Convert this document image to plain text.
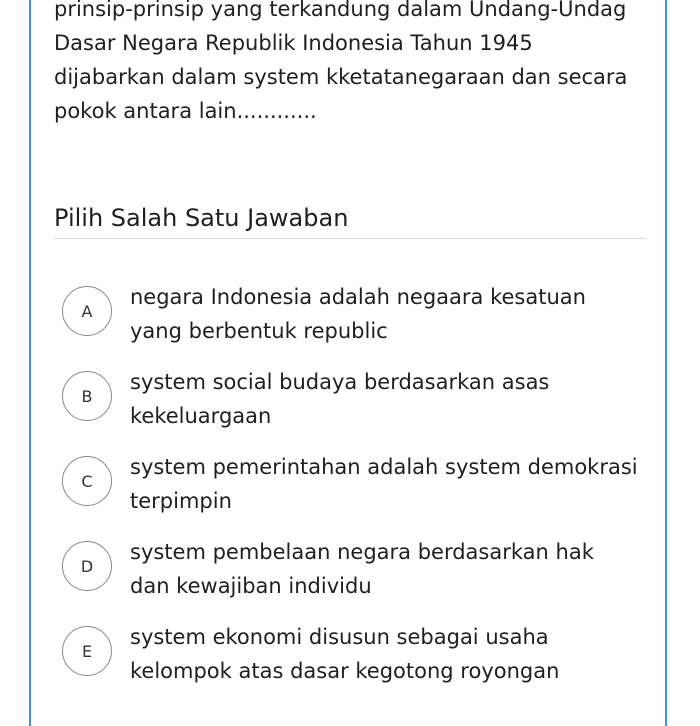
prinsip-prinsip yang terkandung dalam Undang-Undag
Dasar Negara Republik Indonesia Tahun 1945
dijabarkan dalam system kketatanegaraan dan secara
pokok antara lain............
Pilih Salah Satu Jawaban
A
negara Indonesia adalah negaara kesatuan yang berbentuk republic
B
system social budaya berdasarkan asas kekeluargaan
C
system pemerintahan adalah system demokrasi terpimpin
D
system pembelaan negara berdasarkan hak dan kewajiban individu
E
system ekonomi disusun sebagai usaha kelompok atas dasar kegotong royongan
